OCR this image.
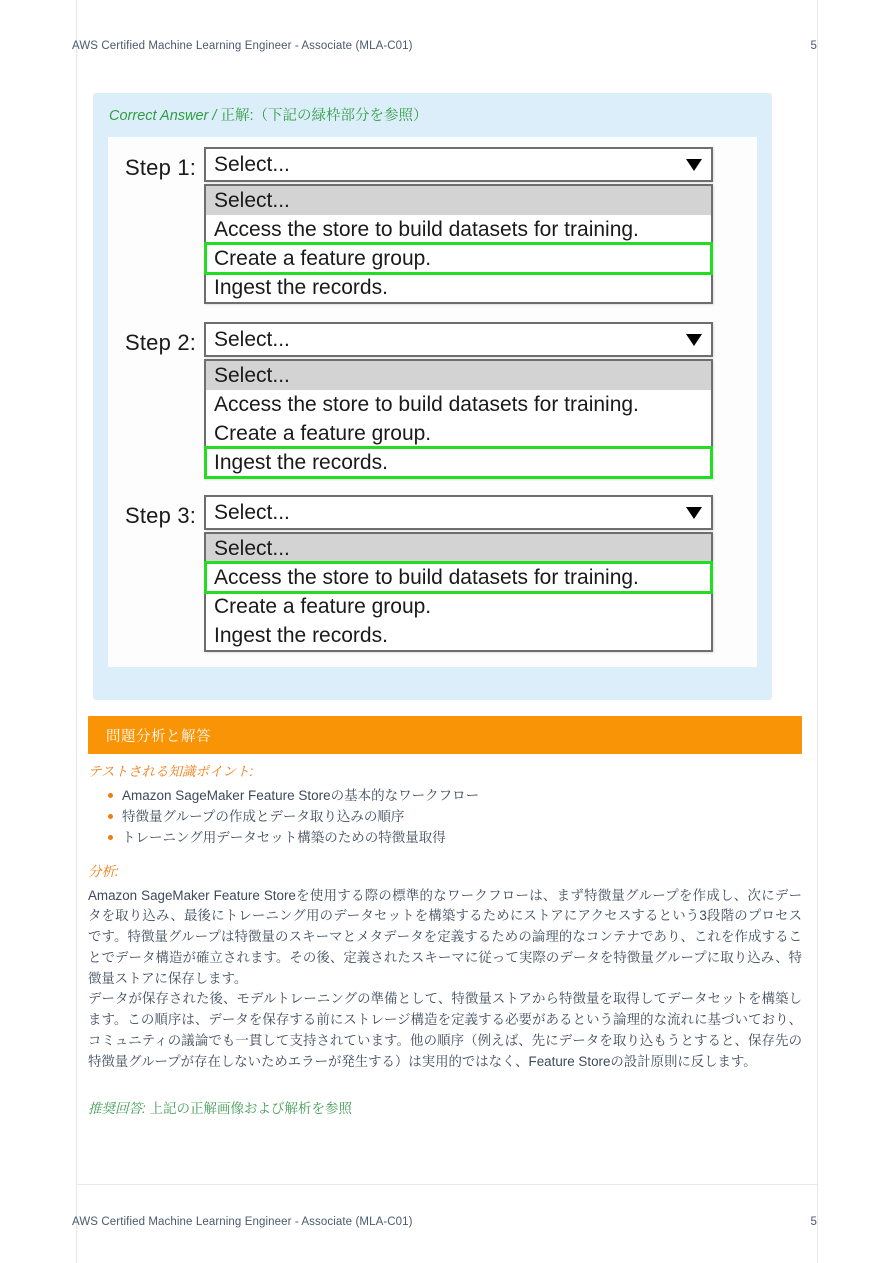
AWS Certified Machine Learning Engineer - Associate (MLA-C01)	5
Correct Answer / 正解:（下記の緑枠部分を参照）
Step 1: Select...
Select...
Access the store to build datasets for training.
Create a feature group.
Ingest the records.
Step 2: Select...
Select...
Access the store to build datasets for training.
Create a feature group.
Ingest the records.
Step 3: Select...
Select...
Access the store to build datasets for training.
Create a feature group.
Ingest the records.
問題分析と解答
テストされる知識ポイント:
Amazon SageMaker Feature Storeの基本的なワークフロー
特徴量グループの作成とデータ取り込みの順序
トレーニング用データセット構築のための特徴量取得
分析:

Amazon SageMaker Feature Storeを使用する際の標準的なワークフローは、まず特徴量グループを作成し、次にデータを取り込み、最後にトレーニング用のデータセットを構築するためにストアにアクセスするという3段階のプロセスです。特徴量グループは特徴量のスキーマとメタデータを定義するための論理的なコンテナであり、これを作成することでデータ構造が確立されます。その後、定義されたスキーマに従って実際のデータを特徴量グループに取り込み、特徴量ストアに保存します。

データが保存された後、モデルトレーニングの準備として、特徴量ストアから特徴量を取得してデータセットを構築します。この順序は、データを保存する前にストレージ構造を定義する必要があるという論理的な流れに基づいており、コミュニティの議論でも一貫して支持されています。他の順序（例えば、先にデータを取り込もうとすると、保存先の特徴量グループが存在しないためエラーが発生する）は実用的ではなく、Feature Storeの設計原則に反します。

推奨回答: 上記の正解画像および解析を参照
AWS Certified Machine Learning Engineer - Associate (MLA-C01)	5
